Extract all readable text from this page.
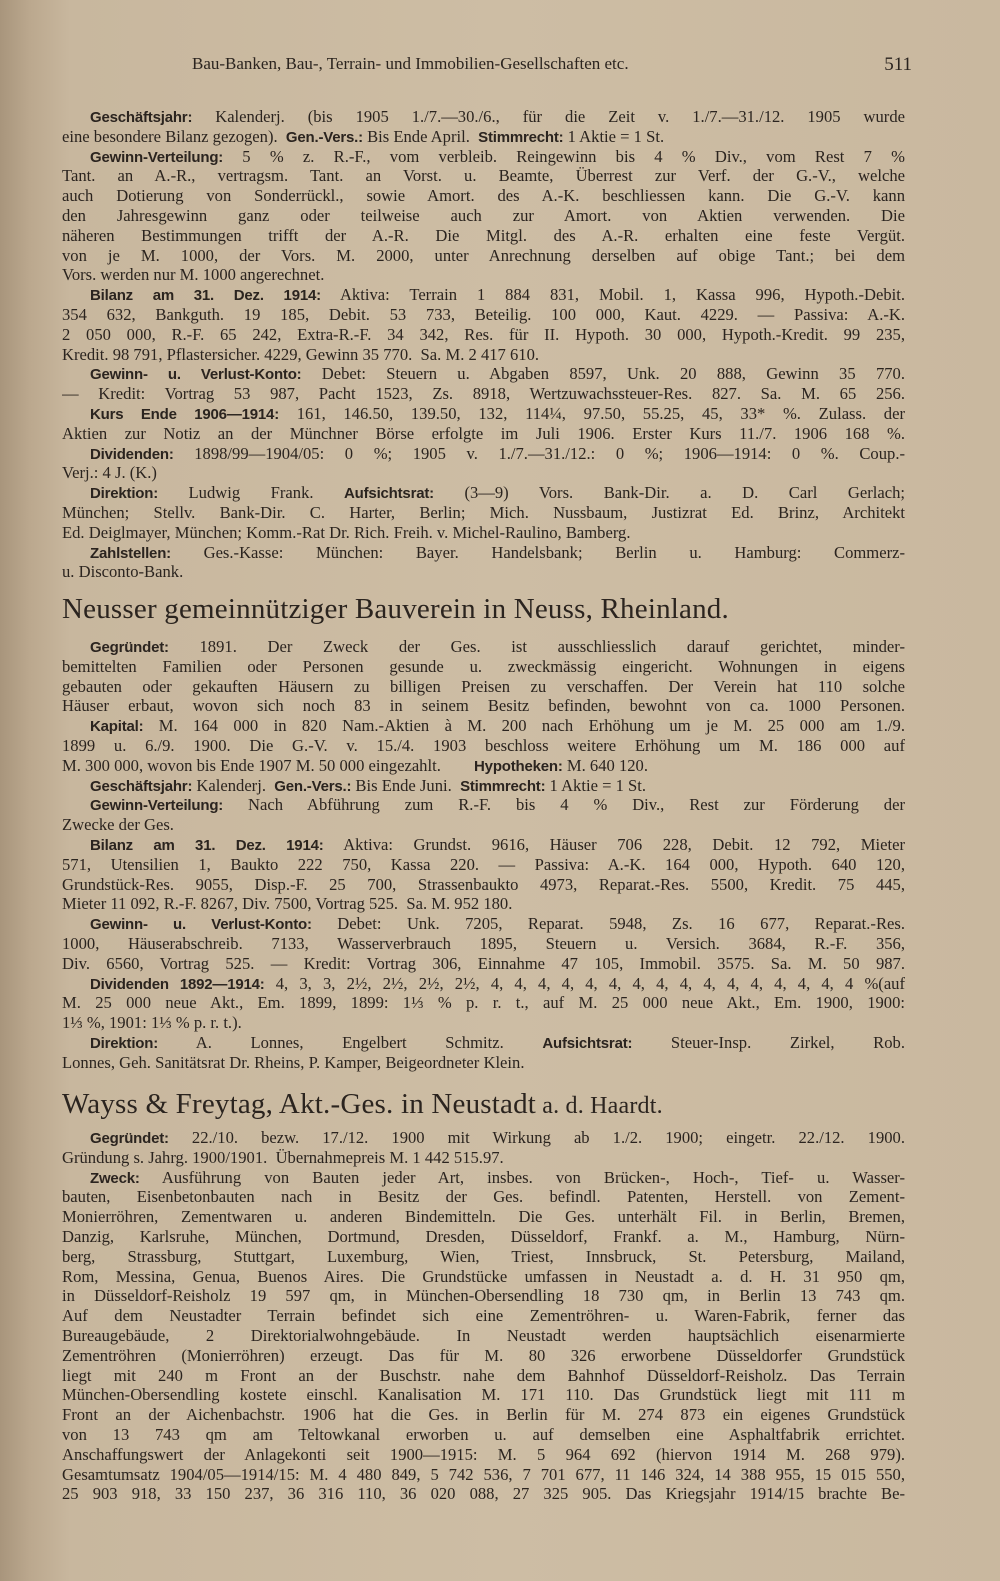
Bau-Banken, Bau-, Terrain- und Immobilien-Gesellschaften etc.	511
Geschäftsjahr: Kalenderj. (bis 1905 1./7.—30./6., für die Zeit v. 1./7.—31./12. 1905 wurde
eine besondere Bilanz gezogen).  Gen.-Vers.: Bis Ende April.  Stimmrecht: 1 Aktie = 1 St.
Gewinn-Verteilung: 5 % z. R.-F., vom verbleib. Reingewinn bis 4 % Div., vom Rest 7 %
Tant. an A.-R., vertragsm. Tant. an Vorst. u. Beamte, Überrest zur Verf. der G.-V., welche
auch Dotierung von Sonderrückl., sowie Amort. des A.-K. beschliessen kann. Die G.-V. kann
den Jahresgewinn ganz oder teilweise auch zur Amort. von Aktien verwenden. Die
näheren Bestimmungen trifft der A.-R. Die Mitgl. des A.-R. erhalten eine feste Vergüt.
von je M. 1000, der Vors. M. 2000, unter Anrechnung derselben auf obige Tant.; bei dem
Vors. werden nur M. 1000 angerechnet.
Bilanz am 31. Dez. 1914: Aktiva: Terrain 1 884 831, Mobil. 1, Kassa 996, Hypoth.-Debit.
354 632, Bankguth. 19 185, Debit. 53 733, Beteilig. 100 000, Kaut. 4229. — Passiva: A.-K.
2 050 000, R.-F. 65 242, Extra-R.-F. 34 342, Res. für II. Hypoth. 30 000, Hypoth.-Kredit. 99 235,
Kredit. 98 791, Pflastersicher. 4229, Gewinn 35 770.  Sa. M. 2 417 610.
Gewinn- u. Verlust-Konto: Debet: Steuern u. Abgaben 8597, Unk. 20 888, Gewinn 35 770.
— Kredit: Vortrag 53 987, Pacht 1523, Zs. 8918, Wertzuwachssteuer-Res. 827. Sa. M. 65 256.
Kurs Ende 1906—1914: 161, 146.50, 139.50, 132, 114¼, 97.50, 55.25, 45, 33* %. Zulass. der
Aktien zur Notiz an der Münchner Börse erfolgte im Juli 1906. Erster Kurs 11./7. 1906 168 %.
Dividenden: 1898/99—1904/05: 0 %; 1905 v. 1./7.—31./12.: 0 %; 1906—1914: 0 %. Coup.-
Verj.: 4 J. (K.)
Direktion: Ludwig Frank. Aufsichtsrat: (3—9) Vors. Bank-Dir. a. D. Carl Gerlach;
München; Stellv. Bank-Dir. C. Harter, Berlin; Mich. Nussbaum, Justizrat Ed. Brinz, Architekt
Ed. Deiglmayer, München; Komm.-Rat Dr. Rich. Freih. v. Michel-Raulino, Bamberg.
Zahlstellen: Ges.-Kasse: München: Bayer. Handelsbank; Berlin u. Hamburg: Commerz-
u. Disconto-Bank.
Neusser gemeinnütziger Bauverein in Neuss, Rheinland.
Gegründet: 1891. Der Zweck der Ges. ist ausschliesslich darauf gerichtet, minder-
bemittelten Familien oder Personen gesunde u. zweckmässig eingericht. Wohnungen in eigens
gebauten oder gekauften Häusern zu billigen Preisen zu verschaffen. Der Verein hat 110 solche
Häuser erbaut, wovon sich noch 83 in seinem Besitz befinden, bewohnt von ca. 1000 Personen.
Kapital: M. 164 000 in 820 Nam.-Aktien à M. 200 nach Erhöhung um je M. 25 000 am 1./9.
1899 u. 6./9. 1900. Die G.-V. v. 15./4. 1903 beschloss weitere Erhöhung um M. 186 000 auf
M. 300 000, wovon bis Ende 1907 M. 50 000 eingezahlt.        Hypotheken: M. 640 120.
Geschäftsjahr: Kalenderj.  Gen.-Vers.: Bis Ende Juni.  Stimmrecht: 1 Aktie = 1 St.
Gewinn-Verteilung: Nach Abführung zum R.-F. bis 4 % Div., Rest zur Förderung der
Zwecke der Ges.
Bilanz am 31. Dez. 1914: Aktiva: Grundst. 9616, Häuser 706 228, Debit. 12 792, Mieter
571, Utensilien 1, Baukto 222 750, Kassa 220. — Passiva: A.-K. 164 000, Hypoth. 640 120,
Grundstück-Res. 9055, Disp.-F. 25 700, Strassenbaukto 4973, Reparat.-Res. 5500, Kredit. 75 445,
Mieter 11 092, R.-F. 8267, Div. 7500, Vortrag 525.  Sa. M. 952 180.
Gewinn- u. Verlust-Konto: Debet: Unk. 7205, Reparat. 5948, Zs. 16 677, Reparat.-Res.
1000, Häuserabschreib. 7133, Wasserverbrauch 1895, Steuern u. Versich. 3684, R.-F. 356,
Div. 6560, Vortrag 525. — Kredit: Vortrag 306, Einnahme 47 105, Immobil. 3575. Sa. M. 50 987.
Dividenden 1892—1914: 4, 3, 3, 2½, 2½, 2½, 2½, 4, 4, 4, 4, 4, 4, 4, 4, 4, 4, 4, 4, 4, 4, 4, 4 %(auf
M. 25 000 neue Akt., Em. 1899, 1899: 1⅓ % p. r. t., auf M. 25 000 neue Akt., Em. 1900, 1900:
1⅓ %, 1901: 1⅓ % p. r. t.).
Direktion: A. Lonnes, Engelbert Schmitz. Aufsichtsrat: Steuer-Insp. Zirkel, Rob.
Lonnes, Geh. Sanitätsrat Dr. Rheins, P. Kamper, Beigeordneter Klein.
Wayss & Freytag, Akt.-Ges. in Neustadt a. d. Haardt.
Gegründet: 22./10. bezw. 17./12. 1900 mit Wirkung ab 1./2. 1900; eingetr. 22./12. 1900.
Gründung s. Jahrg. 1900/1901.  Übernahmepreis M. 1 442 515.97.
Zweck: Ausführung von Bauten jeder Art, insbes. von Brücken-, Hoch-, Tief- u. Wasser-
bauten, Eisenbetonbauten nach in Besitz der Ges. befindl. Patenten, Herstell. von Zement-
Monierröhren, Zementwaren u. anderen Bindemitteln. Die Ges. unterhält Fil. in Berlin, Bremen,
Danzig, Karlsruhe, München, Dortmund, Dresden, Düsseldorf, Frankf. a. M., Hamburg, Nürn-
berg, Strassburg, Stuttgart, Luxemburg, Wien, Triest, Innsbruck, St. Petersburg, Mailand,
Rom, Messina, Genua, Buenos Aires. Die Grundstücke umfassen in Neustadt a. d. H. 31 950 qm,
in Düsseldorf-Reisholz 19 597 qm, in München-Obersendling 18 730 qm, in Berlin 13 743 qm.
Auf dem Neustadter Terrain befindet sich eine Zementröhren- u. Waren-Fabrik, ferner das
Bureaugebäude, 2 Direktorialwohngebäude. In Neustadt werden hauptsächlich eisenarmierte
Zementröhren (Monierröhren) erzeugt. Das für M. 80 326 erworbene Düsseldorfer Grundstück
liegt mit 240 m Front an der Buschstr. nahe dem Bahnhof Düsseldorf-Reisholz. Das Terrain
München-Obersendling kostete einschl. Kanalisation M. 171 110. Das Grundstück liegt mit 111 m
Front an der Aichenbachstr. 1906 hat die Ges. in Berlin für M. 274 873 ein eigenes Grundstück
von 13 743 qm am Teltowkanal erworben u. auf demselben eine Asphaltfabrik errichtet.
Anschaffungswert der Anlagekonti seit 1900—1915: M. 5 964 692 (hiervon 1914 M. 268 979).
Gesamtumsatz 1904/05—1914/15: M. 4 480 849, 5 742 536, 7 701 677, 11 146 324, 14 388 955, 15 015 550,
25 903 918, 33 150 237, 36 316 110, 36 020 088, 27 325 905. Das Kriegsjahr 1914/15 brachte Be-
